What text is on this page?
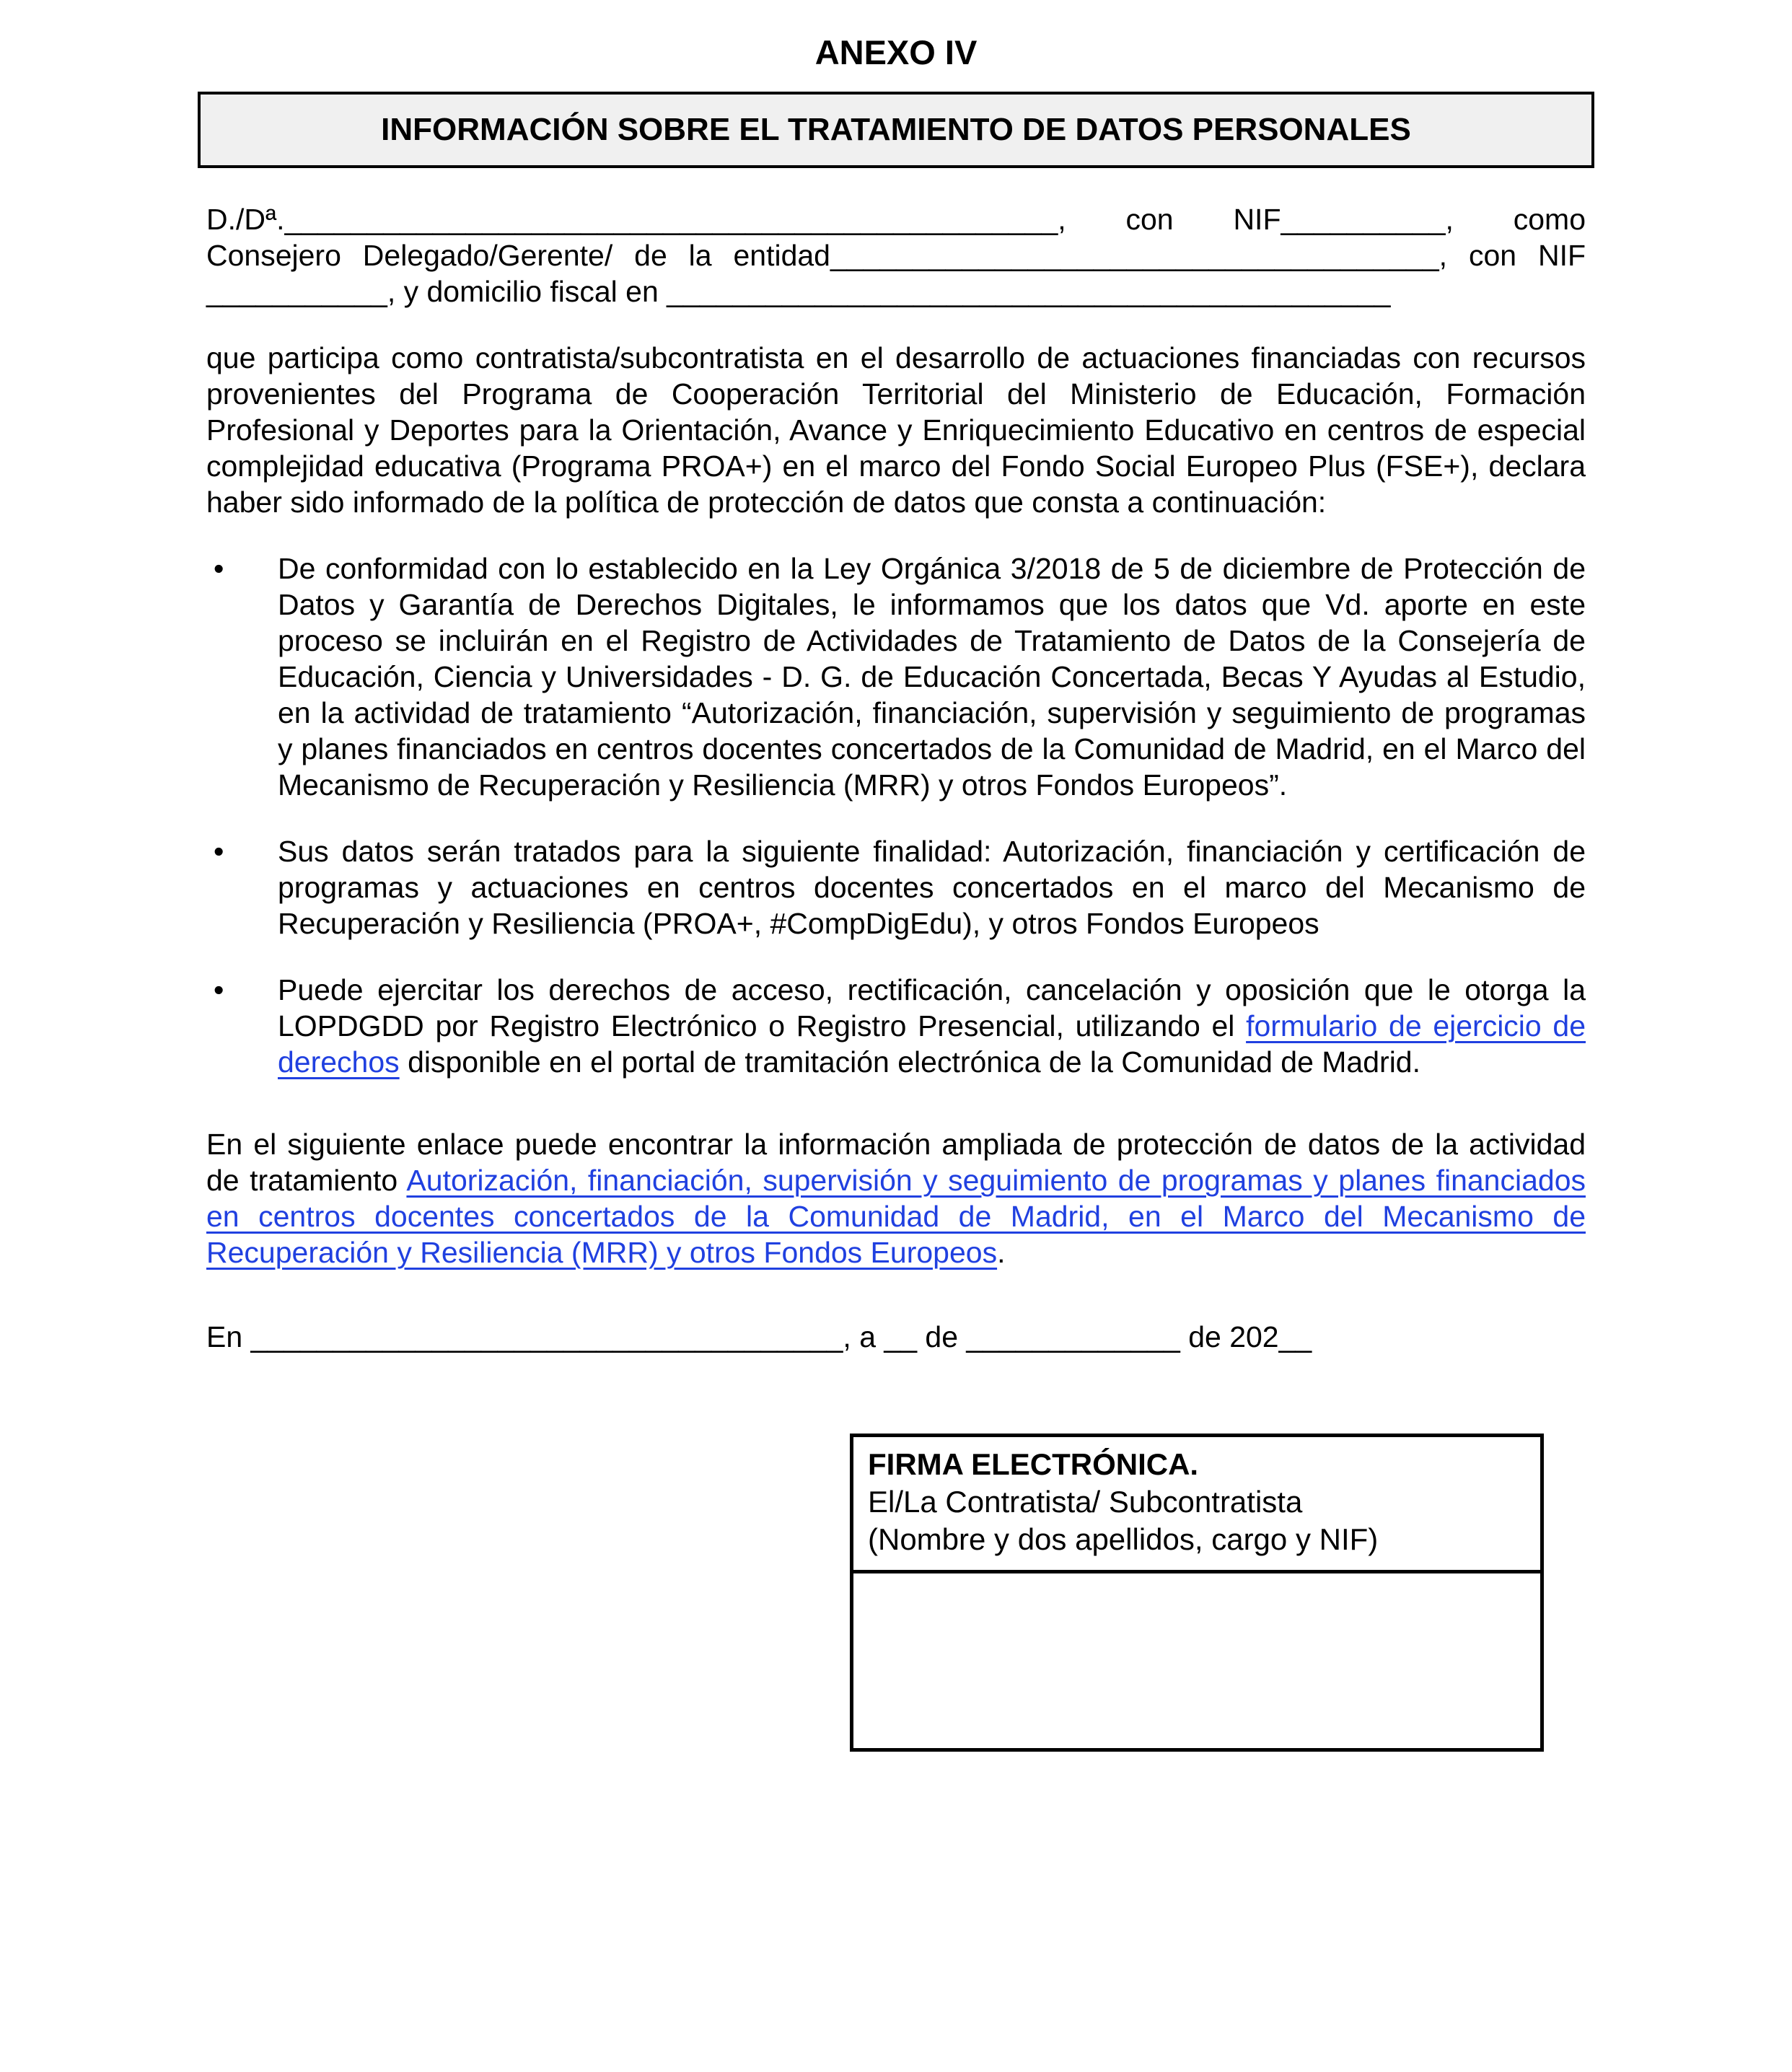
ANEXO IV
INFORMACIÓN SOBRE EL TRATAMIENTO DE DATOS PERSONALES

D./Dª._______________________________________________, con NIF__________, como

Consejero Delegado/Gerente/ de la entidad_____________________________________, con NIF

___________, y domicilio fiscal en ____________________________________________

que participa como contratista/subcontratista en el desarrollo de actuaciones financiadas con recursos provenientes del Programa de Cooperación Territorial del Ministerio de Educación, Formación Profesional y Deportes para la Orientación, Avance y Enriquecimiento Educativo en centros de especial complejidad educativa (Programa PROA+) en el marco del Fondo Social Europeo Plus (FSE+), declara haber sido informado de la política de protección de datos que consta a continuación:

•	De conformidad con lo establecido en la Ley Orgánica 3/2018 de 5 de diciembre de Protección de Datos y Garantía de Derechos Digitales, le informamos que los datos que Vd. aporte en este proceso se incluirán en el Registro de Actividades de Tratamiento de Datos de la Consejería de Educación, Ciencia y Universidades - D. G. de Educación Concertada, Becas Y Ayudas al Estudio, en la actividad de tratamiento “Autorización, financiación, supervisión y seguimiento de programas y planes financiados en centros docentes concertados de la Comunidad de Madrid, en el Marco del Mecanismo de Recuperación y Resiliencia (MRR) y otros Fondos Europeos”.

•	Sus datos serán tratados para la siguiente finalidad: Autorización, financiación y certificación de programas y actuaciones en centros docentes concertados en el marco del Mecanismo de Recuperación y Resiliencia (PROA+, #CompDigEdu), y otros Fondos Europeos

•	Puede ejercitar los derechos de acceso, rectificación, cancelación y oposición que le otorga la LOPDGDD por Registro Electrónico o Registro Presencial, utilizando el formulario de ejercicio de derechos disponible en el portal de tramitación electrónica de la Comunidad de Madrid.

En el siguiente enlace puede encontrar la información ampliada de protección de datos de la actividad de tratamiento Autorización, financiación, supervisión y seguimiento de programas y planes financiados en centros docentes concertados de la Comunidad de Madrid, en el Marco del Mecanismo de Recuperación y Resiliencia (MRR) y otros Fondos Europeos.

En ____________________________________, a __ de _____________ de 202__

FIRMA ELECTRÓNICA.
El/La Contratista/ Subcontratista
(Nombre y dos apellidos, cargo y NIF)
